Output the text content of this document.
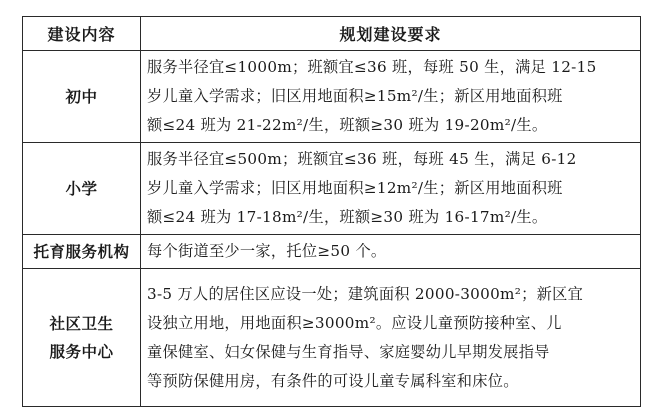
建设内容	规划建设要求

初中	服务半径宜≤1000m；班额宜≤36 班，每班 50 生，满足 12-15
岁儿童入学需求；旧区用地面积≥15m²/生；新区用地面积班
额≤24 班为 21-22m²/生，班额≥30 班为 19-20m²/生。

小学	服务半径宜≤500m；班额宜≤36 班，每班 45 生，满足 6-12
岁儿童入学需求；旧区用地面积≥12m²/生；新区用地面积班
额≤24 班为 17-18m²/生，班额≥30 班为 16-17m²/生。

托育服务机构	每个街道至少一家，托位≥50 个。

社区卫生
服务中心	3-5 万人的居住区应设一处；建筑面积 2000-3000m²；新区宜
设独立用地，用地面积≥3000m²。应设儿童预防接种室、儿
童保健室、妇女保健与生育指导、家庭婴幼儿早期发展指导
等预防保健用房，有条件的可设儿童专属科室和床位。
